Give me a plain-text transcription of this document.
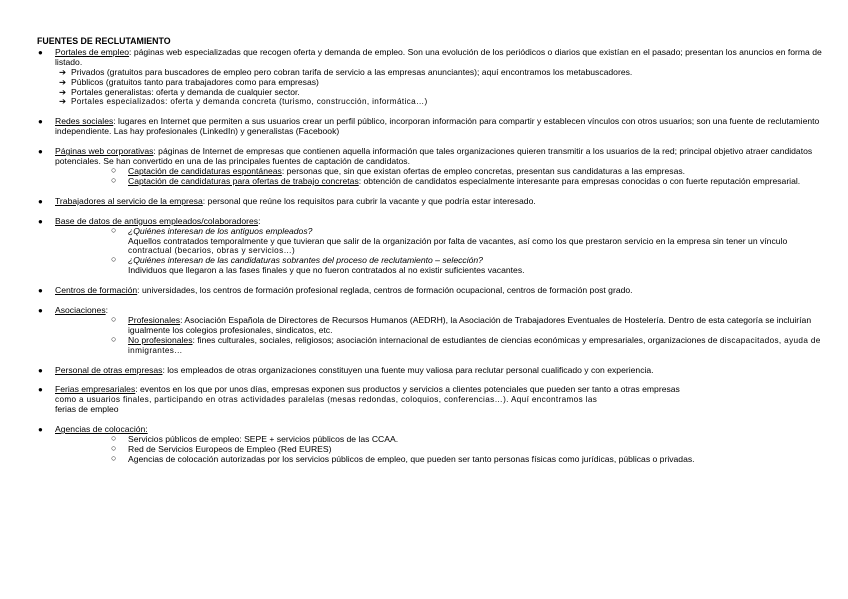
FUENTES DE RECLUTAMIENTO
● Portales de empleo: páginas web especializadas que recogen oferta y demanda de empleo. Son una evolución de los periódicos o diarios que existían en el pasado; presentan los anuncios en forma de listado.
➔ Privados (gratuitos para buscadores de empleo pero cobran tarifa de servicio a las empresas anunciantes); aquí encontramos los metabuscadores.
➔ Públicos (gratuitos tanto para trabajadores como para empresas)
➔ Portales generalistas: oferta y demanda de cualquier sector.
➔ Portales especializados: oferta y demanda concreta (turismo, construcción, informática…)
● Redes sociales: lugares en Internet que permiten a sus usuarios crear un perfil público, incorporan información para compartir y establecen vínculos con otros usuarios; son una fuente de reclutamiento independiente. Las hay profesionales (LinkedIn) y generalistas (Facebook)
● Páginas web corporativas: páginas de Internet de empresas que contienen aquella información que tales organizaciones quieren transmitir a los usuarios de la red; principal objetivo atraer candidatos potenciales. Se han convertido en una de las principales fuentes de captación de candidatos.
○ Captación de candidaturas espontáneas: personas que, sin que existan ofertas de empleo concretas, presentan sus candidaturas a las empresas.
○ Captación de candidaturas para ofertas de trabajo concretas: obtención de candidatos especialmente interesante para empresas conocidas o con fuerte reputación empresarial.
● Trabajadores al servicio de la empresa: personal que reúne los requisitos para cubrir la vacante y que podría estar interesado.
● Base de datos de antiguos empleados/colaboradores:
○ ¿Quiénes interesan de los antiguos empleados?
Aquellos contratados temporalmente y que tuvieran que salir de la organización por falta de vacantes, así como los que prestaron servicio en la empresa sin tener un vínculo contractual (becarios, obras y servicios…)
○ ¿Quiénes interesan de las candidaturas sobrantes del proceso de reclutamiento – selección?
Individuos que llegaron a las fases finales y que no fueron contratados al no existir suficientes vacantes.
● Centros de formación: universidades, los centros de formación profesional reglada, centros de formación ocupacional, centros de formación post grado.
● Asociaciones:
○ Profesionales: Asociación Española de Directores de Recursos Humanos (AEDRH), la Asociación de Trabajadores Eventuales de Hostelería. Dentro de esta categoría se incluirían igualmente los colegios profesionales, sindicatos, etc.
○ No profesionales: fines culturales, sociales, religiosos; asociación internacional de estudiantes de ciencias económicas y empresariales, organizaciones de discapacitados, ayuda de inmigrantes…
● Personal de otras empresas: los empleados de otras organizaciones constituyen una fuente muy valiosa para reclutar personal cualificado y con experiencia.
● Ferias empresariales: eventos en los que por unos días, empresas exponen sus productos y servicios a clientes potenciales que pueden ser tanto a otras empresas
como a usuarios finales, participando en otras actividades paralelas (mesas redondas, coloquios, conferencias…). Aquí encontramos las
ferias de empleo
● Agencias de colocación:
○ Servicios públicos de empleo: SEPE + servicios públicos de las CCAA.
○ Red de Servicios Europeos de Empleo (Red EURES)
○ Agencias de colocación autorizadas por los servicios públicos de empleo, que pueden ser tanto personas físicas como jurídicas, públicas o privadas.
